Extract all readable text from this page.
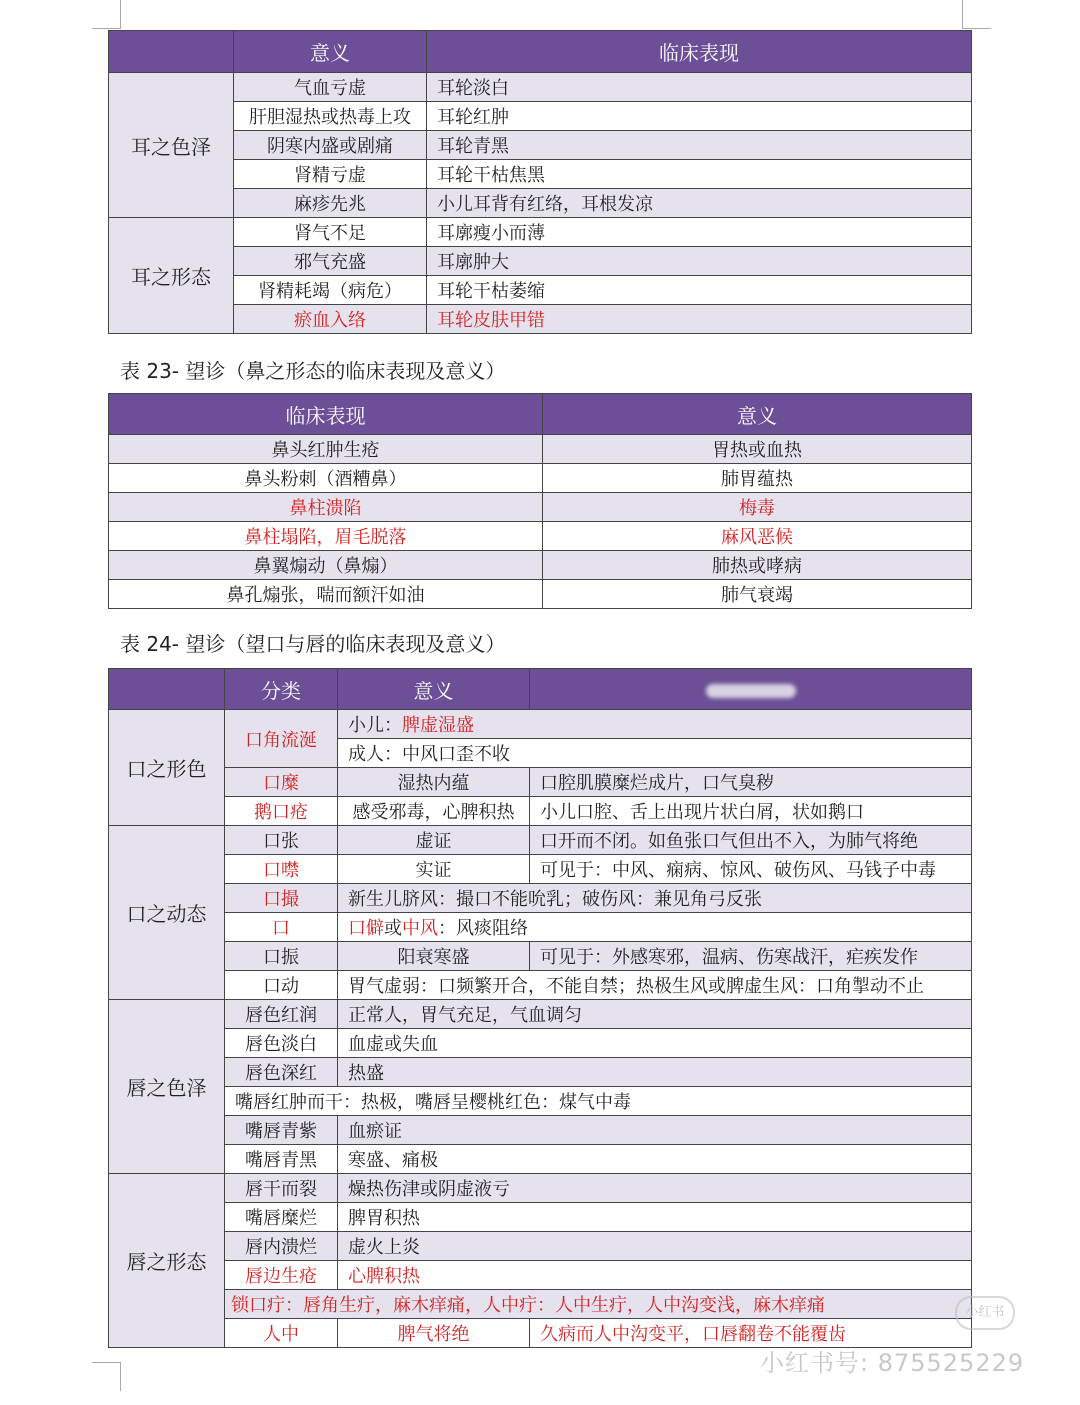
	意义	临床表现
耳之色泽	气血亏虚	耳轮淡白
	肝胆湿热或热毒上攻	耳轮红肿
	阴寒内盛或剧痛	耳轮青黑
	肾精亏虚	耳轮干枯焦黑
	麻疹先兆	小儿耳背有红络，耳根发凉
耳之形态	肾气不足	耳廓瘦小而薄
	邪气充盛	耳廓肿大
	肾精耗竭（病危）	耳轮干枯萎缩
	瘀血入络	耳轮皮肤甲错
表 23- 望诊（鼻之形态的临床表现及意义）
临床表现	意义
鼻头红肿生疮	胃热或血热
鼻头粉刺（酒糟鼻）	肺胃蕴热
鼻柱溃陷	梅毒
鼻柱塌陷，眉毛脱落	麻风恶候
鼻翼煽动（鼻煽）	肺热或哮病
鼻孔煽张，喘而额汗如油	肺气衰竭
表 24- 望诊（望口与唇的临床表现及意义）
	分类	意义	
口之形色	口角流涎	小儿：脾虚湿盛	
		成人：中风口歪不收	
	口糜	湿热内蕴	口腔肌膜糜烂成片，口气臭秽
	鹅口疮	感受邪毒，心脾积热	小儿口腔、舌上出现片状白屑，状如鹅口
口之动态	口张	虚证	口开而不闭。如鱼张口气但出不入，为肺气将绝
	口噤	实证	可见于：中风、痫病、惊风、破伤风、马钱子中毒
	口撮	新生儿脐风：撮口不能吮乳；破伤风：兼见角弓反张	
	口	口僻或中风：风痰阻络	
	口振	阳衰寒盛	可见于：外感寒邪，温病、伤寒战汗，疟疾发作
	口动	胃气虚弱：口频繁开合，不能自禁；热极生风或脾虚生风：口角掣动不止	
唇之色泽	唇色红润	正常人，胃气充足，气血调匀	
	唇色淡白	血虚或失血	
	唇色深红	热盛	
	嘴唇红肿而干：热极，嘴唇呈樱桃红色：煤气中毒		
	嘴唇青紫	血瘀证	
	嘴唇青黑	寒盛、痛极	
唇之形态	唇干而裂	燥热伤津或阴虚液亏	
	嘴唇糜烂	脾胃积热	
	唇内溃烂	虚火上炎	
	唇边生疮	心脾积热	
	锁口疔：唇角生疔，麻木痒痛，人中疔：人中生疔，人中沟变浅，麻木痒痛		
	人中	脾气将绝	久病而人中沟变平，口唇翻卷不能覆齿
小红书
小红书号: 875525229
